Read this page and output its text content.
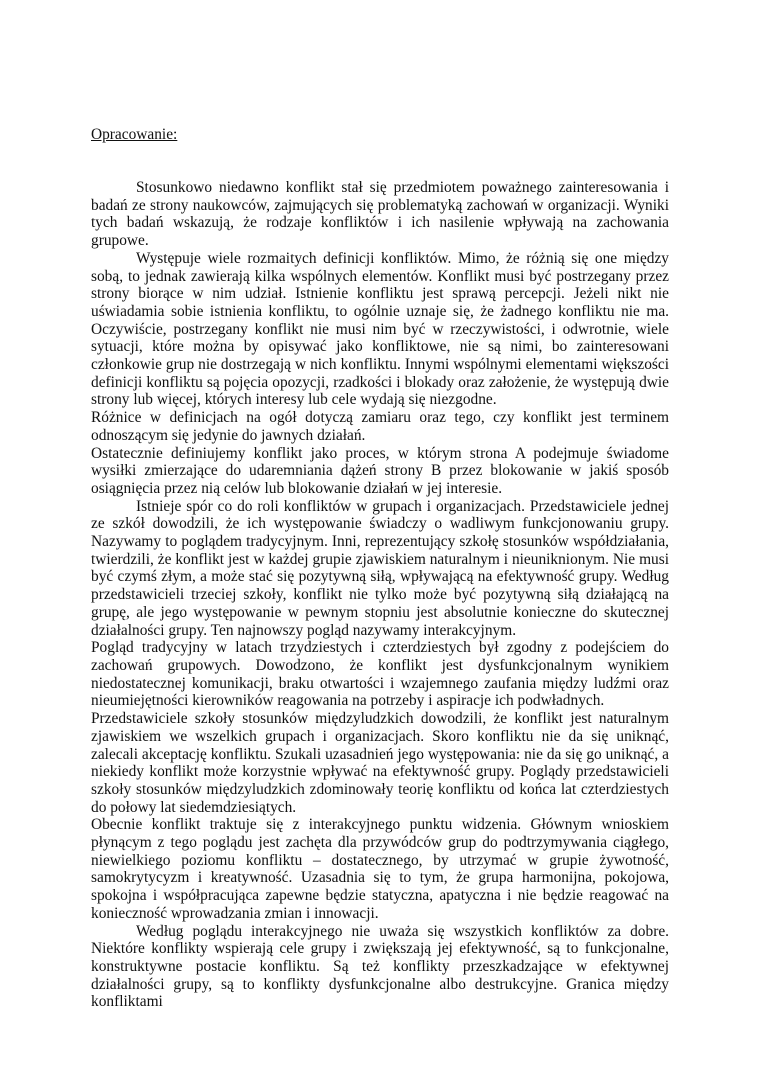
Opracowanie:

Stosunkowo niedawno konflikt stał się przedmiotem poważnego zainteresowania i badań ze strony naukowców, zajmujących się problematyką zachowań w organizacji. Wyniki tych badań wskazują, że rodzaje konfliktów i ich nasilenie wpływają na zachowania grupowe.

Występuje wiele rozmaitych definicji konfliktów. Mimo, że różnią się one między sobą, to jednak zawierają kilka wspólnych elementów. Konflikt musi być postrzegany przez strony biorące w nim udział. Istnienie konfliktu jest sprawą percepcji. Jeżeli nikt nie uświadamia sobie istnienia konfliktu, to ogólnie uznaje się, że żadnego konfliktu nie ma. Oczywiście, postrzegany konflikt nie musi nim być w rzeczywistości, i odwrotnie, wiele sytuacji, które można by opisywać jako konfliktowe, nie są nimi, bo zainteresowani członkowie grup nie dostrzegają w nich konfliktu. Innymi wspólnymi elementami większości definicji konfliktu są pojęcia opozycji, rzadkości i blokady oraz założenie, że występują dwie strony lub więcej, których interesy lub cele wydają się niezgodne.

Różnice w definicjach na ogół dotyczą zamiaru oraz tego, czy konflikt jest terminem odnoszącym się jedynie do jawnych działań.

Ostatecznie definiujemy konflikt jako proces, w którym strona A podejmuje świadome wysiłki zmierzające do udaremniania dążeń strony B przez blokowanie w jakiś sposób osiągnięcia przez nią celów lub blokowanie działań w jej interesie.

Istnieje spór co do roli konfliktów w grupach i organizacjach. Przedstawiciele jednej ze szkół dowodzili, że ich występowanie świadczy o wadliwym funkcjonowaniu grupy. Nazywamy to poglądem tradycyjnym. Inni, reprezentujący szkołę stosunków współdziałania, twierdzili, że konflikt jest w każdej grupie zjawiskiem naturalnym i nieuniknionym. Nie musi być czymś złym, a może stać się pozytywną siłą, wpływającą na efektywność grupy. Według przedstawicieli trzeciej szkoły, konflikt nie tylko może być pozytywną siłą działającą na grupę, ale jego występowanie w pewnym stopniu jest absolutnie konieczne do skutecznej działalności grupy. Ten najnowszy pogląd nazywamy interakcyjnym.

Pogląd tradycyjny w latach trzydziestych i czterdziestych był zgodny z podejściem do zachowań grupowych. Dowodzono, że konflikt jest dysfunkcjonalnym wynikiem niedostatecznej komunikacji, braku otwartości i wzajemnego zaufania między ludźmi oraz nieumiejętności kierowników reagowania na potrzeby i aspiracje ich podwładnych.

Przedstawiciele szkoły stosunków międzyludzkich dowodzili, że konflikt jest naturalnym zjawiskiem we wszelkich grupach i organizacjach. Skoro konfliktu nie da się uniknąć, zalecali akceptację konfliktu. Szukali uzasadnień jego występowania: nie da się go uniknąć, a niekiedy konflikt może korzystnie wpływać na efektywność grupy. Poglądy przedstawicieli szkoły stosunków międzyludzkich zdominowały teorię konfliktu od końca lat czterdziestych do połowy lat siedemdziesiątych.

Obecnie konflikt traktuje się z interakcyjnego punktu widzenia. Głównym wnioskiem płynącym z tego poglądu jest zachęta dla przywódców grup do podtrzymywania ciągłego, niewielkiego poziomu konfliktu – dostatecznego, by utrzymać w grupie żywotność, samokrytycyzm i kreatywność. Uzasadnia się to tym, że grupa harmonijna, pokojowa, spokojna i współpracująca zapewne będzie statyczna, apatyczna i nie będzie reagować na konieczność wprowadzania zmian i innowacji.

Według poglądu interakcyjnego nie uważa się wszystkich konfliktów za dobre. Niektóre konflikty wspierają cele grupy i zwiększają jej efektywność, są to funkcjonalne, konstruktywne postacie konfliktu. Są też konflikty przeszkadzające w efektywnej działalności grupy, są to konflikty dysfunkcjonalne albo destrukcyjne. Granica między konfliktami
